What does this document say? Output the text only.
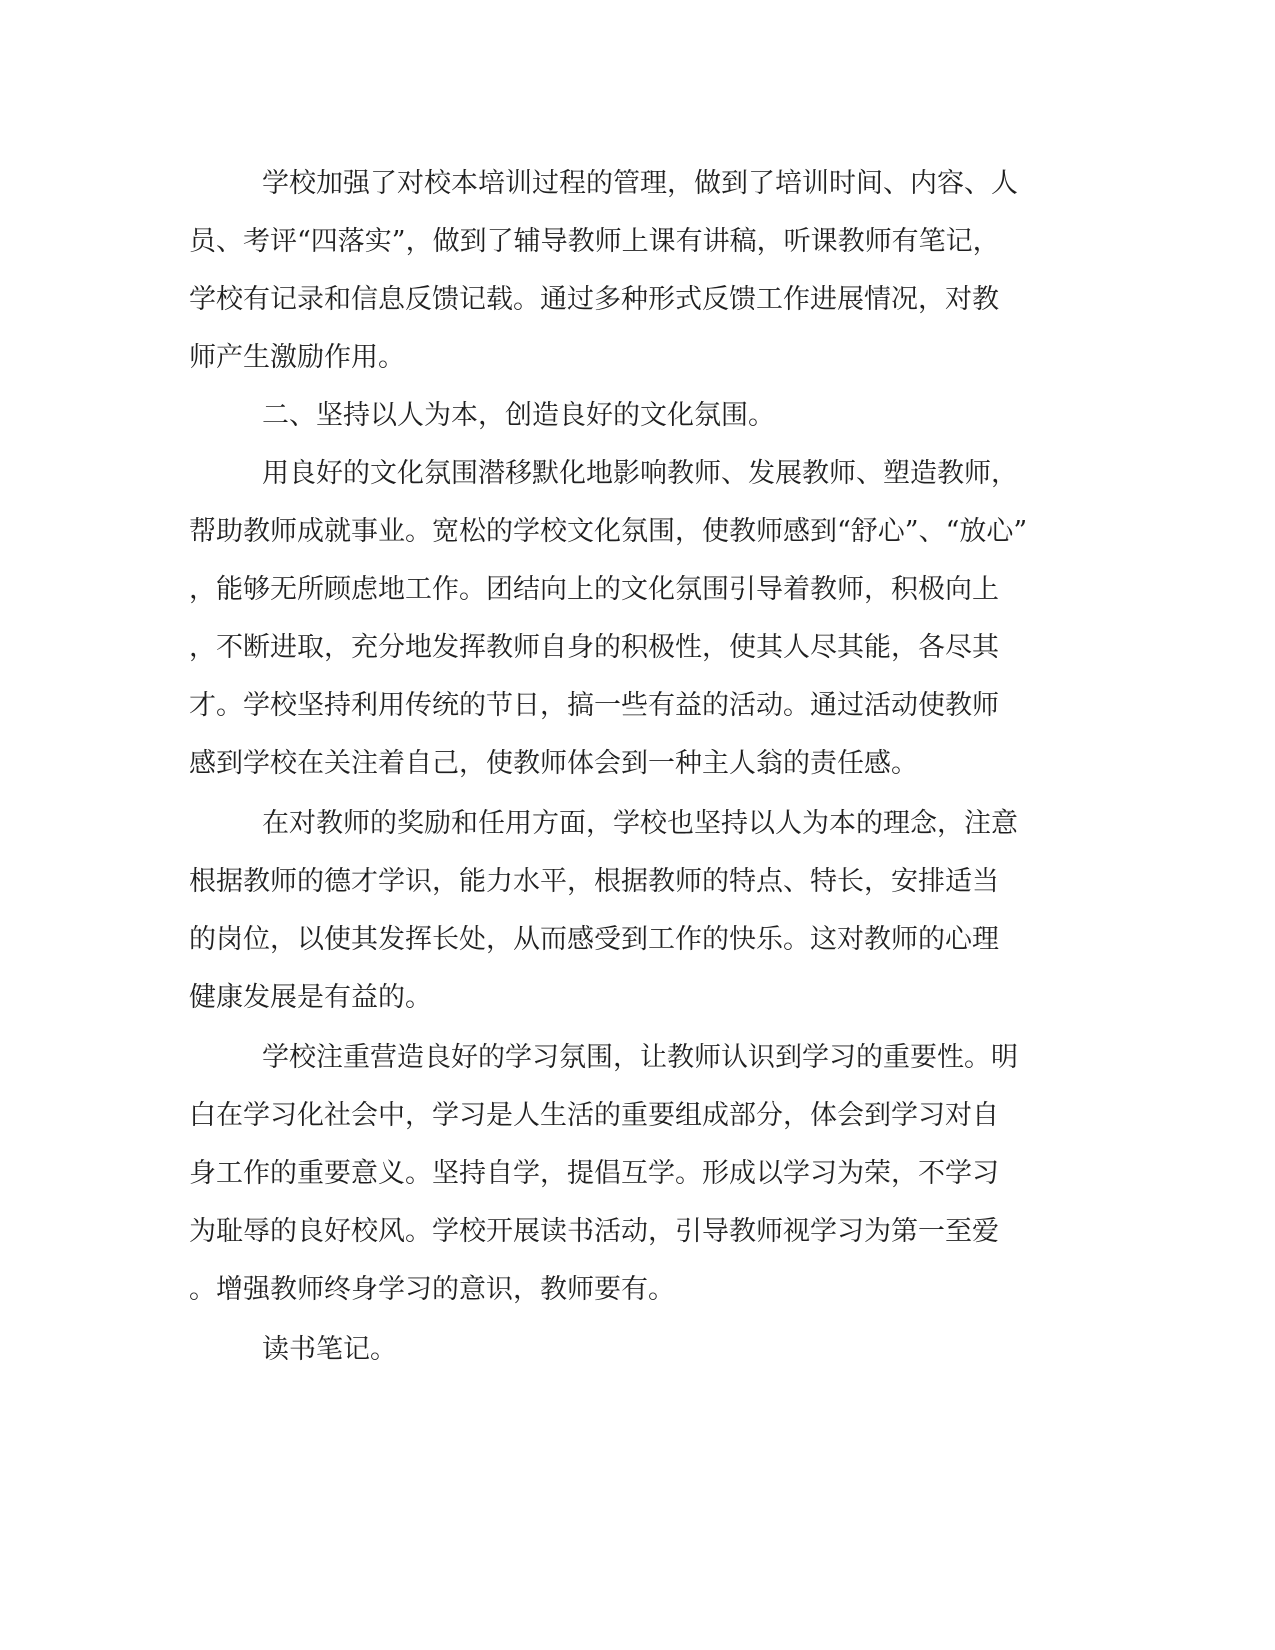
学校加强了对校本培训过程的管理，做到了培训时间、内容、人
员、考评“四落实”，做到了辅导教师上课有讲稿，听课教师有笔记，
学校有记录和信息反馈记载。通过多种形式反馈工作进展情况，对教
师产生激励作用。
二、坚持以人为本，创造良好的文化氛围。
用良好的文化氛围潜移默化地影响教师、发展教师、塑造教师，
帮助教师成就事业。宽松的学校文化氛围，使教师感到“舒心”、“放心”
，能够无所顾虑地工作。团结向上的文化氛围引导着教师，积极向上
，不断进取，充分地发挥教师自身的积极性，使其人尽其能，各尽其
才。学校坚持利用传统的节日，搞一些有益的活动。通过活动使教师
感到学校在关注着自己，使教师体会到一种主人翁的责任感。
在对教师的奖励和任用方面，学校也坚持以人为本的理念，注意
根据教师的德才学识，能力水平，根据教师的特点、特长，安排适当
的岗位，以使其发挥长处，从而感受到工作的快乐。这对教师的心理
健康发展是有益的。
学校注重营造良好的学习氛围，让教师认识到学习的重要性。明
白在学习化社会中，学习是人生活的重要组成部分，体会到学习对自
身工作的重要意义。坚持自学，提倡互学。形成以学习为荣，不学习
为耻辱的良好校风。学校开展读书活动，引导教师视学习为第一至爱
。增强教师终身学习的意识，教师要有。
读书笔记。
